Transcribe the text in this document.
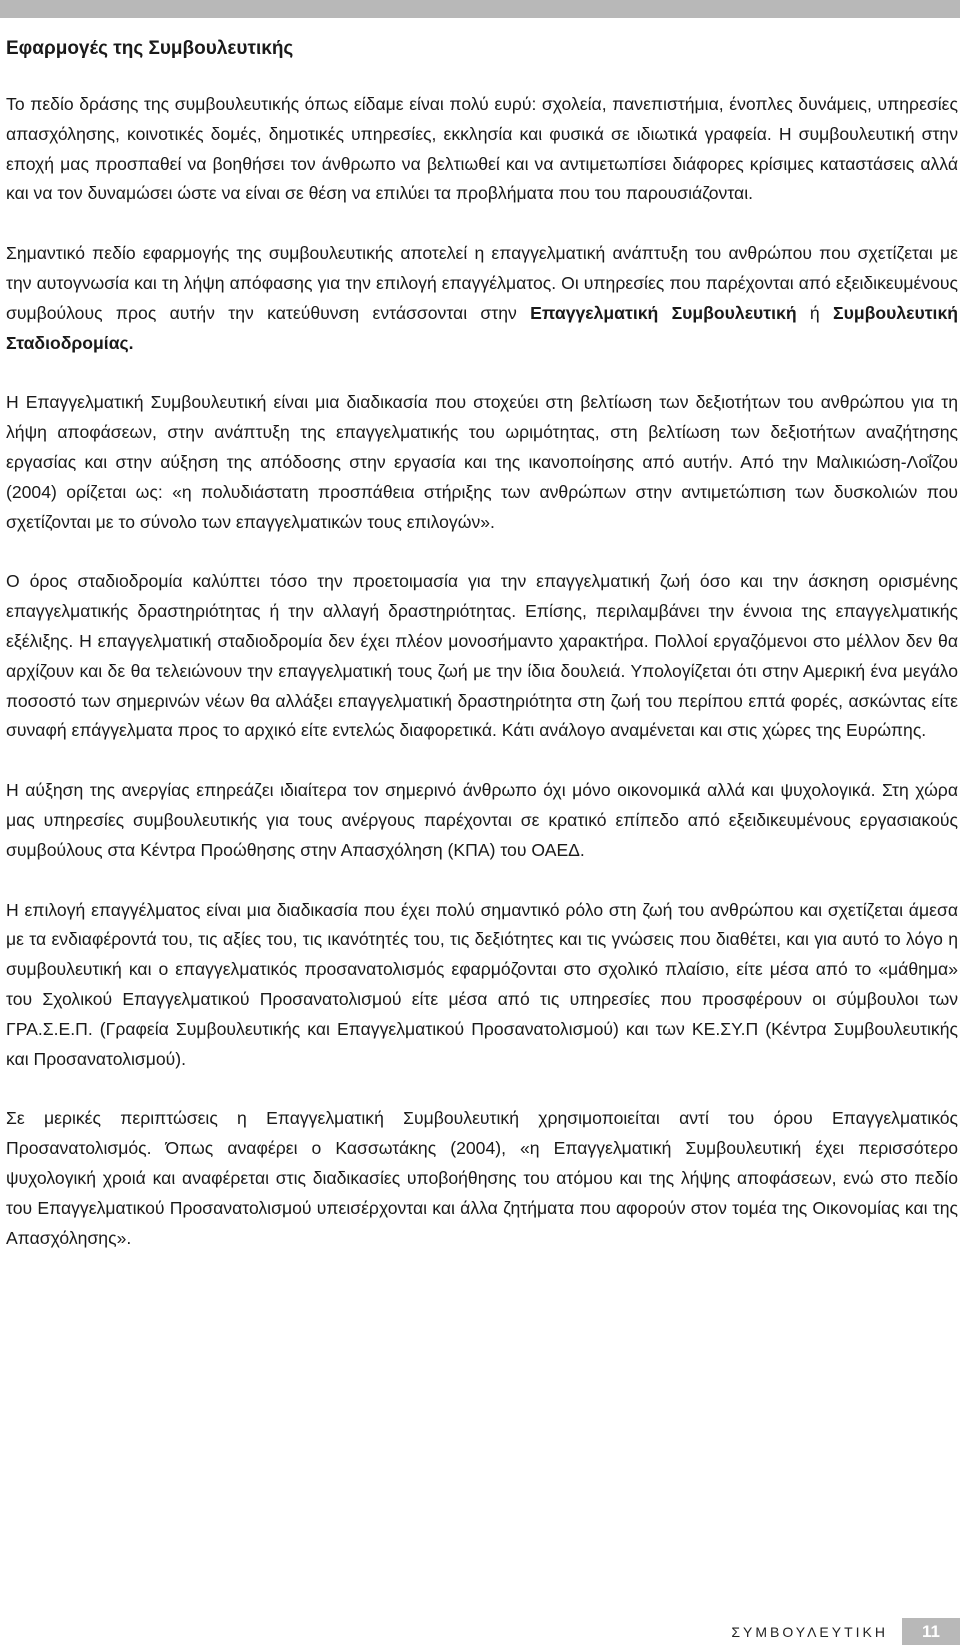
Εφαρμογές της Συμβουλευτικής

Το πεδίο δράσης της συμβουλευτικής όπως είδαμε είναι πολύ ευρύ: σχολεία, πανεπιστήμια, ένοπλες δυνάμεις, υπηρεσίες απασχόλησης, κοινοτικές δομές, δημοτικές υπηρεσίες, εκκλησία και φυσικά σε ιδιωτικά γραφεία. Η συμβουλευτική στην εποχή μας προσπαθεί να βοηθήσει τον άνθρωπο να βελτιωθεί και να αντιμετωπίσει διάφορες κρίσιμες καταστάσεις αλλά και να τον δυναμώσει ώστε να είναι σε θέση να επιλύει τα προβλήματα που του παρουσιάζονται.

Σημαντικό πεδίο εφαρμογής της συμβουλευτικής αποτελεί η επαγγελματική ανάπτυξη του ανθρώπου που σχετίζεται με την αυτογνωσία και τη λήψη απόφασης για την επιλογή επαγγέλματος. Οι υπηρεσίες που παρέχονται από εξειδικευμένους συμβούλους προς αυτήν την κατεύθυνση εντάσσονται στην Επαγγελματική Συμβουλευτική ή Συμβουλευτική Σταδιοδρομίας.

Η Επαγγελματική Συμβουλευτική είναι μια διαδικασία που στοχεύει στη βελτίωση των δεξιοτήτων του ανθρώπου για τη λήψη αποφάσεων, στην ανάπτυξη της επαγγελματικής του ωριμότητας, στη βελτίωση των δεξιοτήτων αναζήτησης εργασίας και στην αύξηση της απόδοσης στην εργασία και της ικανοποίησης από αυτήν. Από την Μαλικιώση-Λοΐζου (2004) ορίζεται ως: «η πολυδιάστατη προσπάθεια στήριξης των ανθρώπων στην αντιμετώπιση των δυσκολιών που σχετίζονται με το σύνολο των επαγγελματικών τους επιλογών».

Ο όρος σταδιοδρομία καλύπτει τόσο την προετοιμασία για την επαγγελματική ζωή όσο και την άσκηση ορισμένης επαγγελματικής δραστηριότητας ή την αλλαγή δραστηριότητας. Επίσης, περιλαμβάνει την έννοια της επαγγελματικής εξέλιξης. Η επαγγελματική σταδιοδρομία δεν έχει πλέον μονοσήμαντο χαρακτήρα. Πολλοί εργαζόμενοι στο μέλλον δεν θα αρχίζουν και δε θα τελειώνουν την επαγγελματική τους ζωή με την ίδια δουλειά. Υπολογίζεται ότι στην Αμερική ένα μεγάλο ποσοστό των σημερινών νέων θα αλλάξει επαγγελματική δραστηριότητα στη ζωή του περίπου επτά φορές, ασκώντας είτε συναφή επάγγελματα προς το αρχικό είτε εντελώς διαφορετικά. Κάτι ανάλογο αναμένεται και στις χώρες της Ευρώπης.

Η αύξηση της ανεργίας επηρεάζει ιδιαίτερα τον σημερινό άνθρωπο όχι μόνο οικονομικά αλλά και ψυχολογικά. Στη χώρα μας υπηρεσίες συμβουλευτικής για τους ανέργους παρέχονται σε κρατικό επίπεδο από εξειδικευμένους εργασιακούς συμβούλους στα Κέντρα Προώθησης στην Απασχόληση (ΚΠΑ) του ΟΑΕΔ.

Η επιλογή επαγγέλματος είναι μια διαδικασία που έχει πολύ σημαντικό ρόλο στη ζωή του ανθρώπου και σχετίζεται άμεσα με τα ενδιαφέροντά του, τις αξίες του, τις ικανότητές του, τις δεξιότητες και τις γνώσεις που διαθέτει, και για αυτό το λόγο η συμβουλευτική και ο επαγγελματικός προσανατολισμός εφαρμόζονται στο σχολικό πλαίσιο, είτε μέσα από το «μάθημα» του Σχολικού Επαγγελματικού Προσανατολισμού είτε μέσα από τις υπηρεσίες που προσφέρουν οι σύμβουλοι των ΓΡΑ.Σ.Ε.Π. (Γραφεία Συμβουλευτικής και Επαγγελματικού Προσανατολισμού) και των ΚΕ.ΣΥ.Π (Κέντρα Συμβουλευτικής και Προσανατολισμού).

Σε μερικές περιπτώσεις η Επαγγελματική Συμβουλευτική χρησιμοποιείται αντί του όρου Επαγγελματικός Προσανατολισμός. Όπως αναφέρει ο Κασσωτάκης (2004), «η Επαγγελματική Συμβουλευτική έχει περισσότερο ψυχολογική χροιά και αναφέρεται στις διαδικασίες υποβοήθησης του ατόμου και της λήψης αποφάσεων, ενώ στο πεδίο του Επαγγελματικού Προσανατολισμού υπεισέρχονται και άλλα ζητήματα που αφορούν στον τομέα της Οικονομίας και της Απασχόλησης».

ΣΥΜΒΟΥΛΕΥΤΙΚΗ	11
